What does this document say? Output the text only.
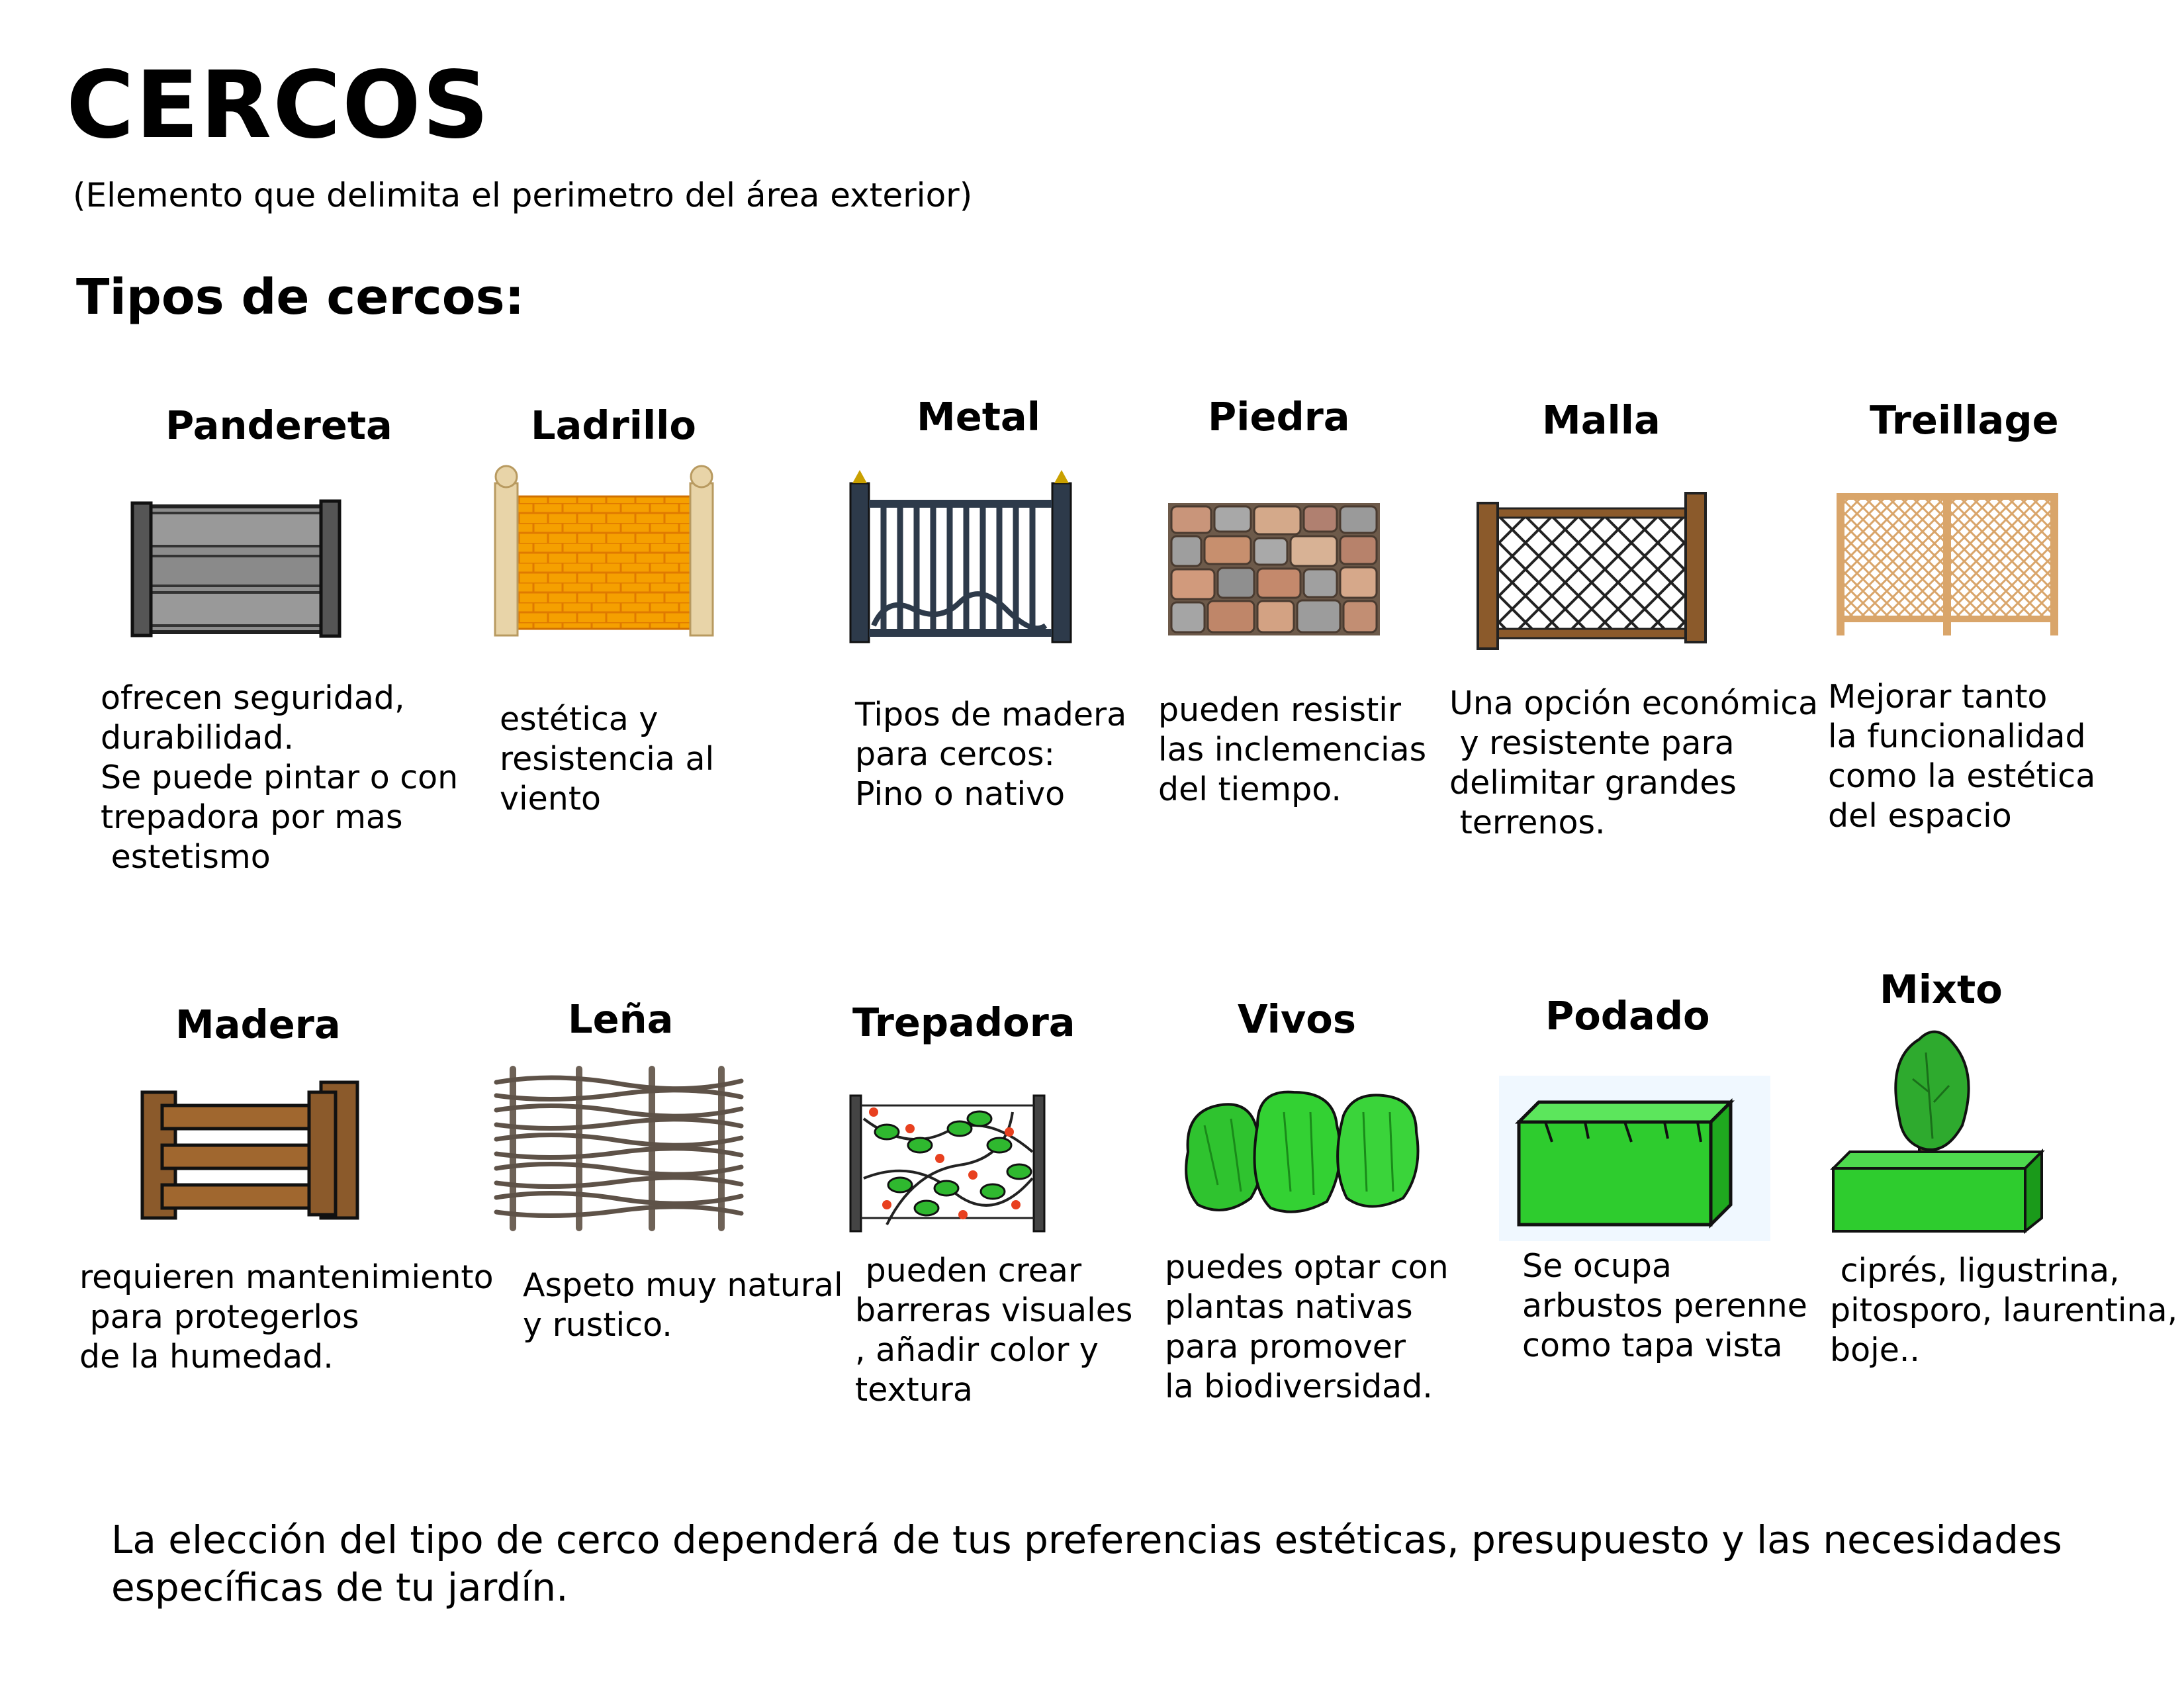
CERCOS
(Elemento que delimita el perimetro del área exterior)
Tipos de cercos:
Pandereta
ofrecen seguridad,
durabilidad.
Se puede pintar o con
trepadora por mas
estetismo
Ladrillo
estética y
resistencia al
viento
Metal
Tipos de madera
para cercos:
Pino o nativo
Piedra
pueden resistir
las inclemencias
del tiempo.
Malla
Una opción económica
y resistente para
delimitar grandes
terrenos.
Treillage
Mejorar tanto
la funcionalidad
como la estética
del espacio
Madera
requieren mantenimiento
para protegerlos
de la humedad.
Leña
Aspeto muy natural
y rustico.
Trepadora
pueden crear
barreras visuales
, añadir color y
textura
Vivos
puedes optar con
plantas nativas
para promover
la biodiversidad.
Podado
Se ocupa
arbustos perenne
como tapa vista
Mixto
ciprés, ligustrina,
pitosporo, laurentina,
boje..
La elección del tipo de cerco dependerá de tus preferencias estéticas, presupuesto y las necesidades
específicas de tu jardín.
